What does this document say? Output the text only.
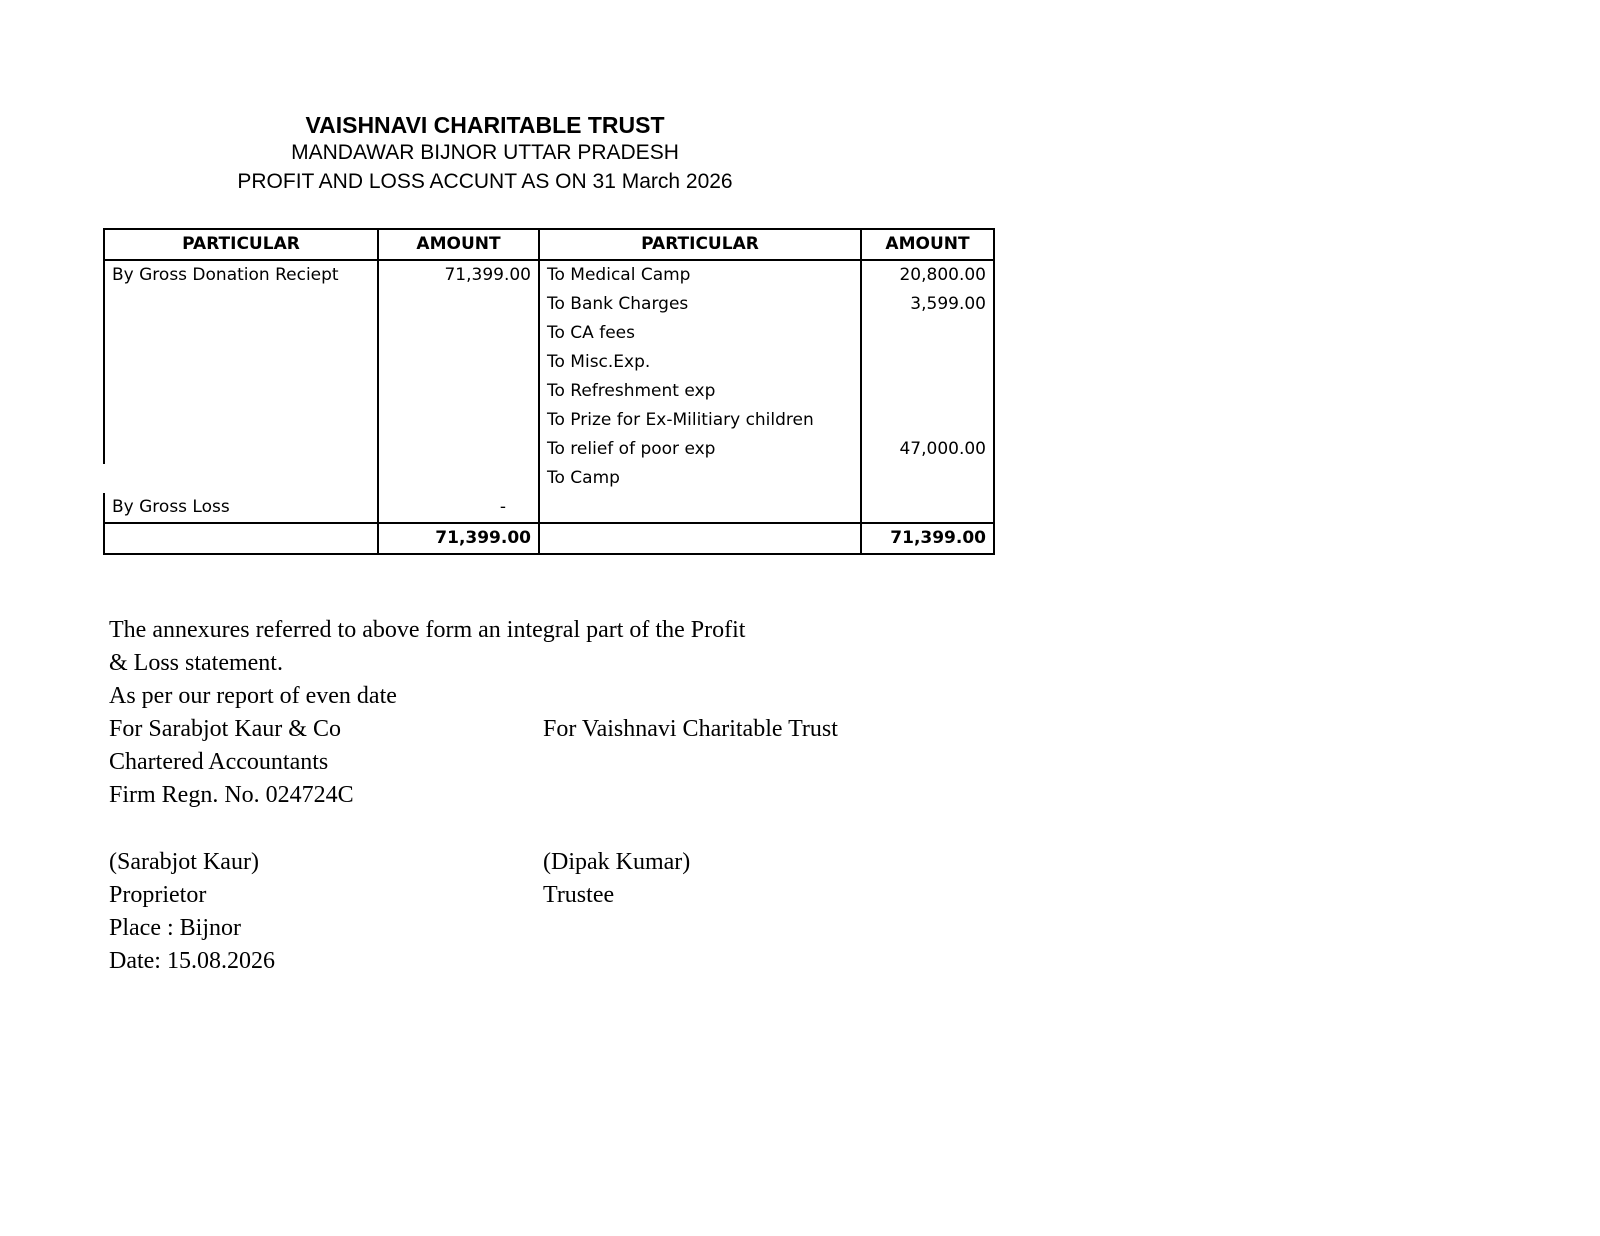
VAISHNAVI CHARITABLE TRUST
MANDAWAR BIJNOR UTTAR PRADESH
PROFIT AND LOSS ACCUNT AS ON 31 March 2026
PARTICULAR	AMOUNT	PARTICULAR	AMOUNT
By Gross Donation Reciept	71,399.00	To Medical Camp	20,800.00
		To Bank Charges	3,599.00
		To CA fees	
		To Misc.Exp.	
		To Refreshment exp	
		To Prize for Ex-Militiary children	
		To relief of poor exp	47,000.00
		To Camp	
By Gross Loss	-		
	71,399.00		71,399.00
The annexures referred to above form an integral part of the Profit
& Loss statement.
As per our report of even date
For Sarabjot Kaur & Co	For Vaishnavi Charitable Trust
Chartered Accountants
Firm Regn. No. 024724C
(Sarabjot Kaur)	(Dipak Kumar)
Proprietor	Trustee
Place : Bijnor
Date: 15.08.2026
